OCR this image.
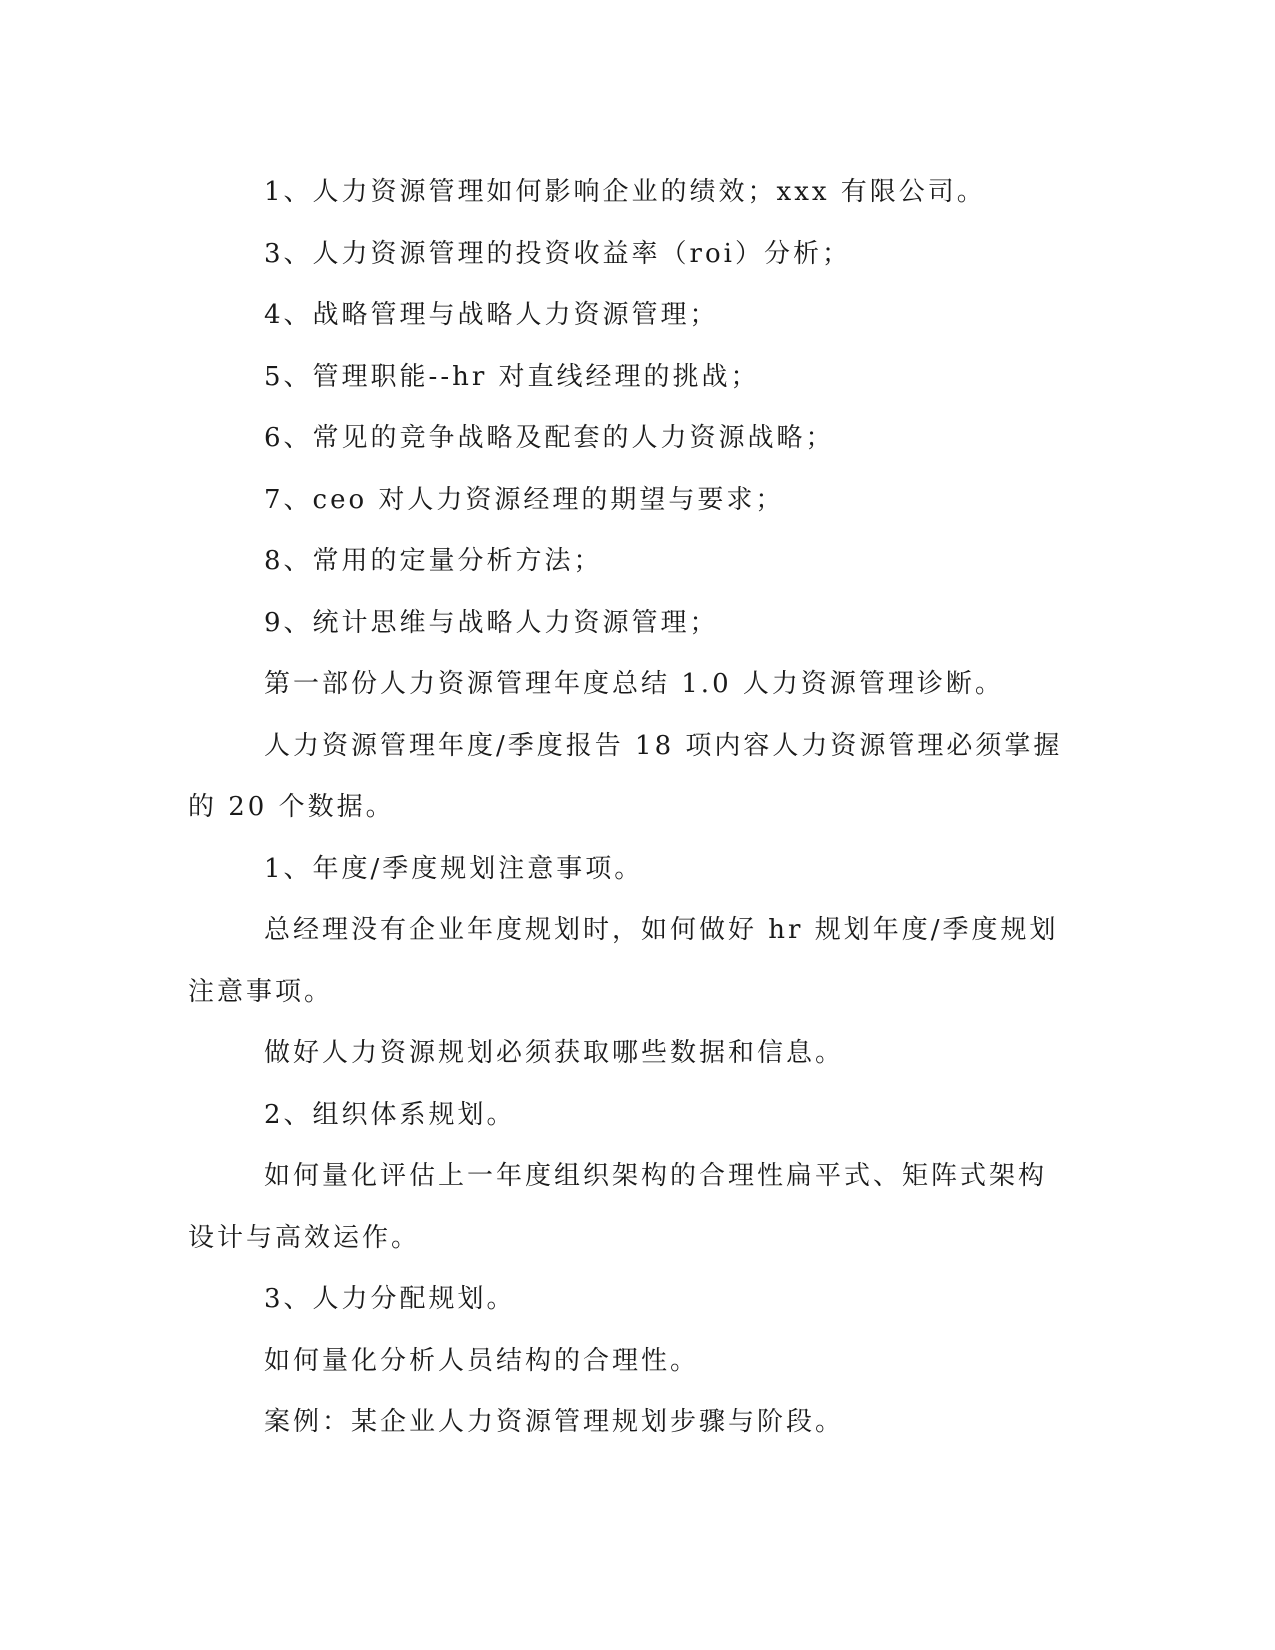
1、人力资源管理如何影响企业的绩效；xxx 有限公司。

3、人力资源管理的投资收益率（roi）分析；

4、战略管理与战略人力资源管理；

5、管理职能--hr 对直线经理的挑战；

6、常见的竞争战略及配套的人力资源战略；

7、ceo 对人力资源经理的期望与要求；

8、常用的定量分析方法；

9、统计思维与战略人力资源管理；

第一部份人力资源管理年度总结 1.0 人力资源管理诊断。

人力资源管理年度/季度报告 18 项内容人力资源管理必须掌握的 20 个数据。

1、年度/季度规划注意事项。

总经理没有企业年度规划时，如何做好 hr 规划年度/季度规划注意事项。

做好人力资源规划必须获取哪些数据和信息。

2、组织体系规划。

如何量化评估上一年度组织架构的合理性扁平式、矩阵式架构设计与高效运作。

3、人力分配规划。

如何量化分析人员结构的合理性。

案例：某企业人力资源管理规划步骤与阶段。
